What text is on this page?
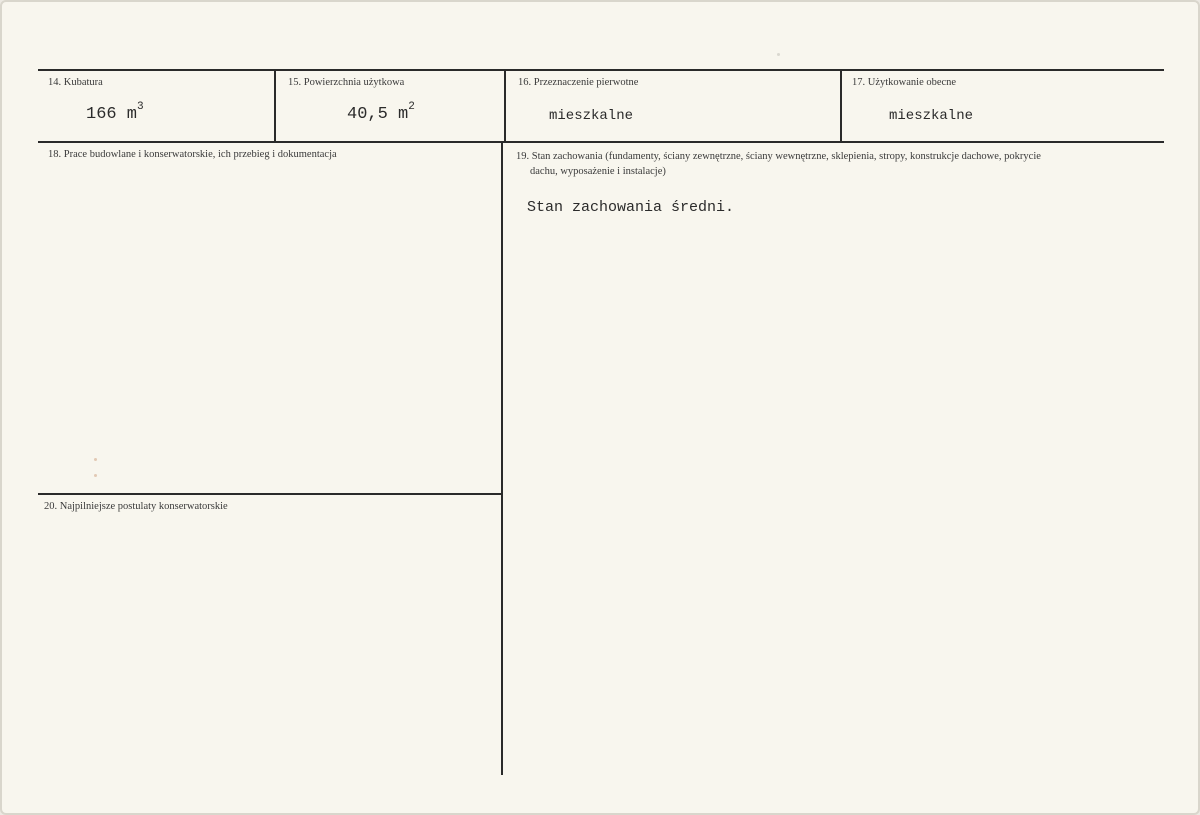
14. Kubatura
166 $m^3$
15. Powierzchnia użytkowa
40,5 $m^2$
16. Przeznaczenie pierwotne
mieszkalne
17. Użytkowanie obecne
mieszkalne
18. Prace budowlane i konserwatorskie, ich przebieg i dokumentacja	19. Stan zachowania (fundamenty, ściany zewnętrzne, ściany wewnętrzne, sklepienia, stropy, konstrukcje dachowe, pokrycie dachu, wyposażenie i instalacje)
Stan zachowania średni.
20. Najpilniejsze postulaty konserwatorskie
